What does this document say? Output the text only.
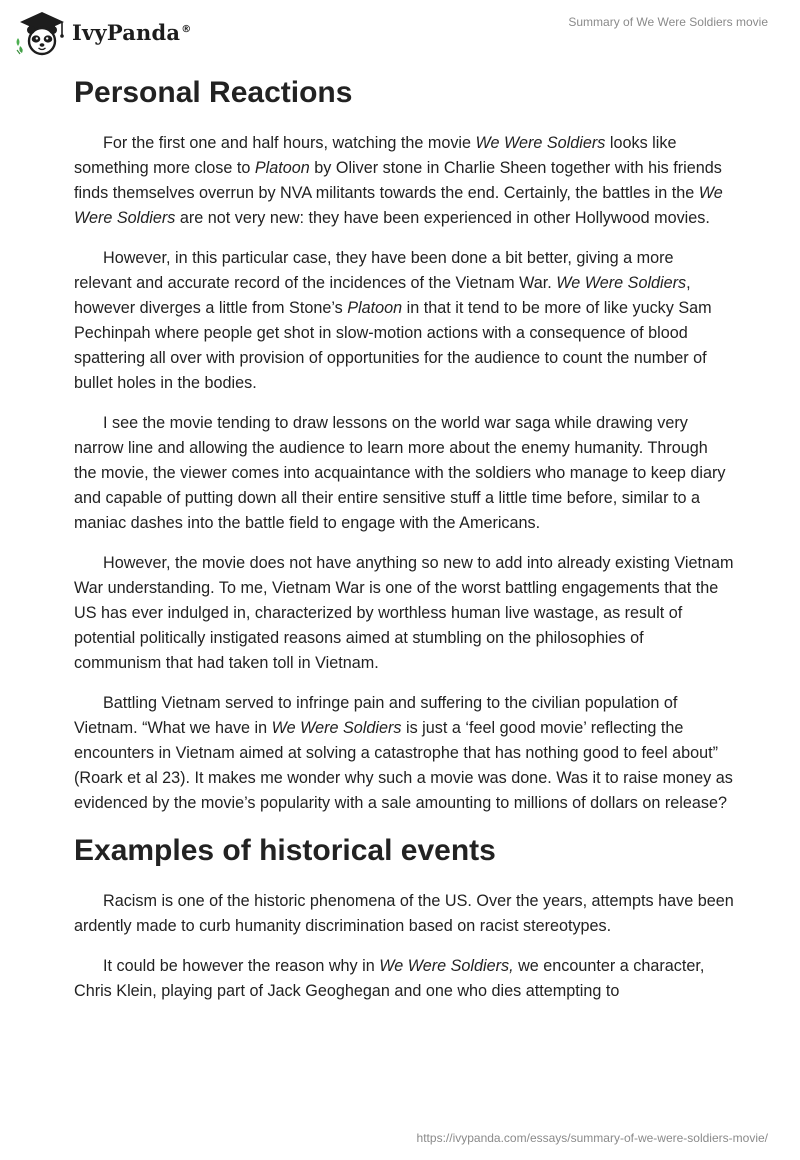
IvyPanda®	Summary of We Were Soldiers movie
Personal Reactions

For the first one and half hours, watching the movie We Were Soldiers looks like something more close to Platoon by Oliver stone in Charlie Sheen together with his friends finds themselves overrun by NVA militants towards the end. Certainly, the battles in the We Were Soldiers are not very new: they have been experienced in other Hollywood movies.

However, in this particular case, they have been done a bit better, giving a more relevant and accurate record of the incidences of the Vietnam War. We Were Soldiers, however diverges a little from Stone’s Platoon in that it tend to be more of like yucky Sam Pechinpah where people get shot in slow-motion actions with a consequence of blood spattering all over with provision of opportunities for the audience to count the number of bullet holes in the bodies.

I see the movie tending to draw lessons on the world war saga while drawing very narrow line and allowing the audience to learn more about the enemy humanity. Through the movie, the viewer comes into acquaintance with the soldiers who manage to keep diary and capable of putting down all their entire sensitive stuff a little time before, similar to a maniac dashes into the battle field to engage with the Americans.

However, the movie does not have anything so new to add into already existing Vietnam War understanding. To me, Vietnam War is one of the worst battling engagements that the US has ever indulged in, characterized by worthless human live wastage, as result of potential politically instigated reasons aimed at stumbling on the philosophies of communism that had taken toll in Vietnam.

Battling Vietnam served to infringe pain and suffering to the civilian population of Vietnam. “What we have in We Were Soldiers is just a ‘feel good movie’ reflecting the encounters in Vietnam aimed at solving a catastrophe that has nothing good to feel about” (Roark et al 23). It makes me wonder why such a movie was done. Was it to raise money as evidenced by the movie’s popularity with a sale amounting to millions of dollars on release?

Examples of historical events

Racism is one of the historic phenomena of the US. Over the years, attempts have been ardently made to curb humanity discrimination based on racist stereotypes.

It could be however the reason why in We Were Soldiers, we encounter a character, Chris Klein, playing part of Jack Geoghegan and one who dies attempting to

https://ivypanda.com/essays/summary-of-we-were-soldiers-movie/
